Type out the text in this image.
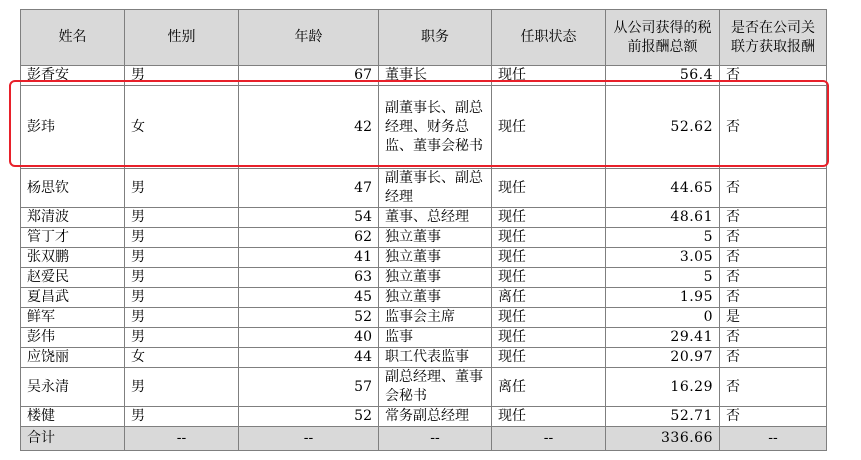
姓名	性别	年龄	职务	任职状态	从公司获得的税前报酬总额	是否在公司关联方获取报酬
彭香安	男	67	董事长	现任	56.4	否
彭玮	女	42	副董事长、副总经理、财务总监、董事会秘书	现任	52.62	否
杨思钦	男	47	副董事长、副总经理	现任	44.65	否
郑清波	男	54	董事、总经理	现任	48.61	否
管丁才	男	62	独立董事	现任	5	否
张双鹏	男	41	独立董事	现任	3.05	否
赵爱民	男	63	独立董事	现任	5	否
夏昌武	男	45	独立董事	离任	1.95	否
鲜军	男	52	监事会主席	现任	0	是
彭伟	男	40	监事	现任	29.41	否
应饶丽	女	44	职工代表监事	现任	20.97	否
吴永清	男	57	副总经理、董事会秘书	离任	16.29	否
楼健	男	52	常务副总经理	现任	52.71	否
合计	--	--	--	--	336.66	--
